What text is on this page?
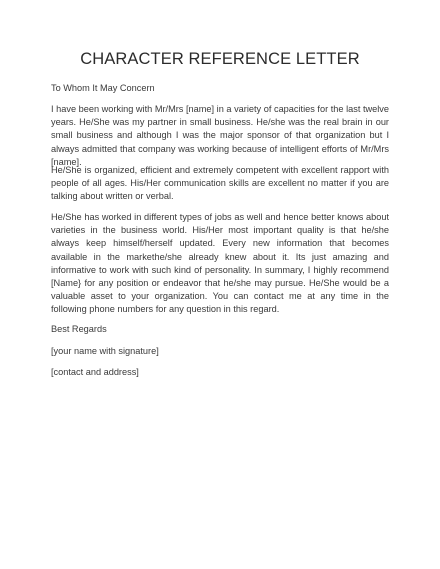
CHARACTER REFERENCE LETTER
To Whom It May Concern

I have been working with Mr/Mrs [name] in a variety of capacities for the last twelve years. He/She was my partner in small business. He/she was the real brain in our small business and although I was the major sponsor of that organization but I always admitted that company was working because of intelligent efforts of Mr/Mrs [name].

He/She is organized, efficient and extremely competent with excellent rapport with people of all ages. His/Her communication skills are excellent no matter if you are talking about written or verbal.

He/She has worked in different types of jobs as well and hence better knows about varieties in the business world. His/Her most important quality is that he/she always keep himself/herself updated. Every new information that becomes available in the markethe/she already knew about it. Its just amazing and informative to work with such kind of personality. In summary, I highly recommend [Name} for any position or endeavor that he/she may pursue. He/She would be a valuable asset to your organization. You can contact me at any time in the following phone numbers for any question in this regard.

Best Regards
[your name with signature]
[contact and address]
